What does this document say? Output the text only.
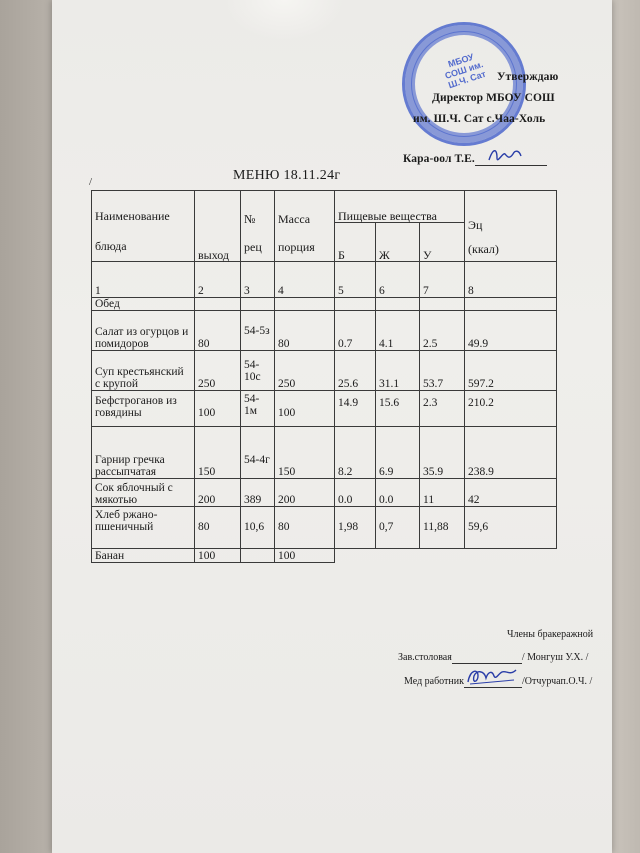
МБОУ СОШ им. Ш.Ч. Сат Утверждаю
Директор МБОУ СОШ
им. Ш.Ч. Сат с.Чаа-Холь
Кара-оол Т.Е.
МЕНЮ 18.11.24г
/
Наименование блюда	выход	№ рец	Масса порция	Пищевые вещества			Эц (ккал)

				Б	Ж	У	
1	2	3	4	5	6	7	8
Обед							
Салат из огурцов и помидоров	80	54-5з	80	0.7	4.1	2.5	49.9
Суп крестьянский с крупой	250	54-10с	250	25.6	31.1	53.7	597.2
Бефстроганов из говядины	100	54-1м	100	14.9	15.6	2.3	210.2
Гарнир гречка рассыпчатая	150	54-4г	150	8.2	6.9	35.9	238.9
Сок яблочный с мякотью	200	389	200	0.0	0.0	11	42
Хлеб ржано-пшеничный	80	10,6	80	1,98	0,7	11,88	59,6
Банан	100		100				
Члены бракеражной
Зав.столовая	/ Монгуш У.Х. /
Мед работник	/Отчурчап.О.Ч. /
